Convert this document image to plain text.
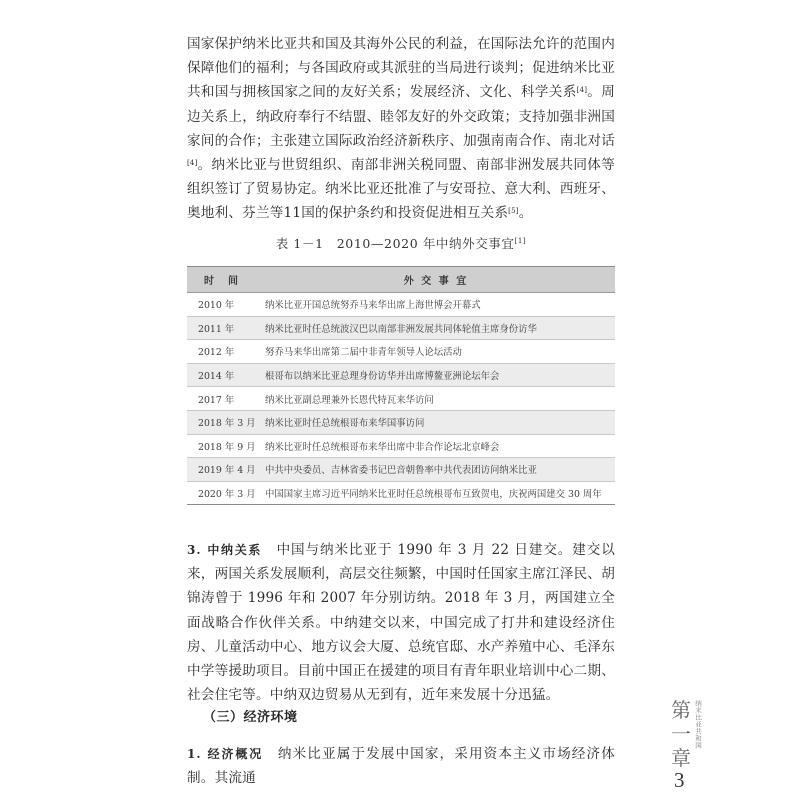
国家保护纳米比亚共和国及其海外公民的利益，在国际法允许的范围内保障他们的福利；与各国政府或其派驻的当局进行谈判；促进纳米比亚共和国与拥核国家之间的友好关系；发展经济、文化、科学关系[4]。周边关系上，纳政府奉行不结盟、睦邻友好的外交政策；支持加强非洲国家间的合作；主张建立国际政治经济新秩序、加强南南合作、南北对话[4]。纳米比亚与世贸组织、南部非洲关税同盟、南部非洲发展共同体等组织签订了贸易协定。纳米比亚还批准了与安哥拉、意大利、西班牙、奥地利、芬兰等11国的保护条约和投资促进相互关系[5]。

表 1－1　2010—2020 年中纳外交事宜[1]
时　间	外 交 事 宜
2010 年	纳米比亚开国总统努乔马来华出席上海世博会开幕式
2011 年	纳米比亚时任总统波汉巴以南部非洲发展共同体轮值主席身份访华
2012 年	努乔马来华出席第二届中非青年领导人论坛活动
2014 年	根哥布以纳米比亚总理身份访华并出席博鳌亚洲论坛年会
2017 年	纳米比亚副总理兼外长恩代特瓦来华访问
2018 年 3 月	纳米比亚时任总统根哥布来华国事访问
2018 年 9 月	纳米比亚时任总统根哥布来华出席中非合作论坛北京峰会
2019 年 4 月	中共中央委员、吉林省委书记巴音朝鲁率中共代表团访问纳米比亚
2020 年 3 月	中国国家主席习近平同纳米比亚时任总统根哥布互致贺电，庆祝两国建交 30 周年

3. 中纳关系　中国与纳米比亚于 1990 年 3 月 22 日建交。建交以来，两国关系发展顺利，高层交往频繁，中国时任国家主席江泽民、胡锦涛曾于 1996 年和 2007 年分别访纳。2018 年 3 月，两国建立全面战略合作伙伴关系。中纳建交以来，中国完成了打井和建设经济住房、儿童活动中心、地方议会大厦、总统官邸、水产养殖中心、毛泽东中学等援助项目。目前中国正在援建的项目有青年职业培训中心二期、社会住宅等。中纳双边贸易从无到有，近年来发展十分迅猛。

（三）经济环境

1. 经济概况　纳米比亚属于发展中国家，采用资本主义市场经济体制。其流通

纳米比亚共和国
第一章
3
